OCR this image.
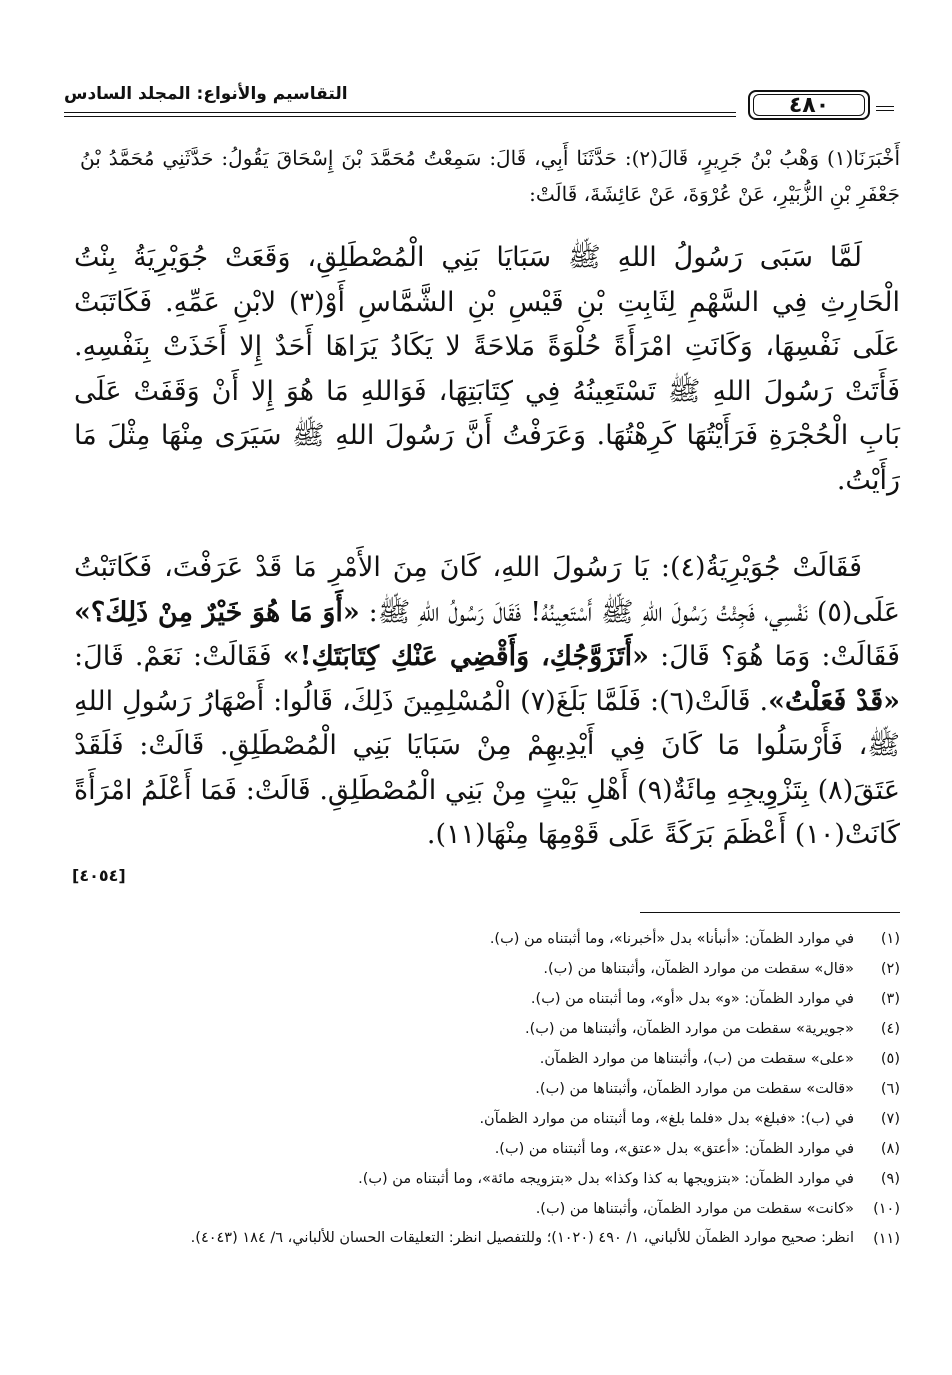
التقاسيم والأنواع: المجلد السادس	٤٨٠
أَخْبَرَنَا(١) وَهْبُ بْنُ جَرِيرٍ، قَالَ(٢): حَدَّثَنَا أَبِي، قَالَ: سَمِعْتُ مُحَمَّدَ بْنَ إِسْحَاقَ يَقُولُ: حَدَّثَنِي مُحَمَّدُ بْنُ جَعْفَرِ بْنِ الزُّبَيْرِ، عَنْ عُرْوَةَ، عَنْ عَائِشَةَ، قَالَتْ:
لَمَّا سَبَى رَسُولُ اللهِ ﷺ سَبَايَا بَنِي الْمُصْطَلِقِ، وَقَعَتْ جُوَيْرِيَةُ بِنْتُ الْحَارِثِ فِي السَّهْمِ لِثَابِتِ بْنِ قَيْسِ بْنِ الشَّمَّاسِ أَوْ(٣) لابْنِ عَمِّهِ. فَكَاتَبَتْ عَلَى نَفْسِهَا، وَكَانَتِ امْرَأَةً حُلْوَةً مَلاحَةً لا يَكَادُ يَرَاهَا أَحَدٌ إِلا أَخَذَتْ بِنَفْسِهِ. فَأَتَتْ رَسُولَ اللهِ ﷺ تَسْتَعِينُهُ فِي كِتَابَتِهَا، فَوَاللهِ مَا هُوَ إِلا أَنْ وَقَفَتْ عَلَى بَابِ الْحُجْرَةِ فَرَأَيْتُهَا كَرِهْتُهَا. وَعَرَفْتُ أَنَّ رَسُولَ اللهِ ﷺ سَيَرَى مِنْهَا مِثْلَ مَا رَأَيْتُ.
فَقَالَتْ جُوَيْرِيَةُ(٤): يَا رَسُولَ اللهِ، كَانَ مِنَ الأَمْرِ مَا قَدْ عَرَفْتَ، فَكَاتَبْتُ عَلَى(٥) نَفْسِي، فَجِئْتُ رَسُولَ اللهِ ﷺ أَسْتَعِينُهُ! فَقَالَ رَسُولُ اللهِ ﷺ: «أَوَ مَا هُوَ خَيْرٌ مِنْ ذَلِكَ؟» فَقَالَتْ: وَمَا هُوَ؟ قَالَ: «أَتَزَوَّجُكِ، وَأَقْضِي عَنْكِ كِتَابَتَكِ!» فَقَالَتْ: نَعَمْ. قَالَ: «قَدْ فَعَلْتُ». قَالَتْ(٦): فَلَمَّا بَلَغَ(٧) الْمُسْلِمِينَ ذَلِكَ، قَالُوا: أَصْهَارُ رَسُولِ اللهِ ﷺ، فَأَرْسَلُوا مَا كَانَ فِي أَيْدِيهِمْ مِنْ سَبَايَا بَنِي الْمُصْطَلِقِ. قَالَتْ: فَلَقَدْ عَتَقَ(٨) بِتَزْوِيجِهِ مِائَةٌ(٩) أَهْلِ بَيْتٍ مِنْ بَنِي الْمُصْطَلِقِ. قَالَتْ: فَمَا أَعْلَمُ امْرَأَةً كَانَتْ(١٠) أَعْظَمَ بَرَكَةً عَلَى قَوْمِهَا مِنْهَا(١١).
[٤٠٥٤]
(١)
في موارد الظمآن: «أنبأنا» بدل «أخبرنا»، وما أثبتناه من (ب).
(٢)
«قال» سقطت من موارد الظمآن، وأثبتناها من (ب).
(٣)
في موارد الظمآن: «و» بدل «أو»، وما أثبتناه من (ب).
(٤)
«جويرية» سقطت من موارد الظمآن، وأثبتناها من (ب).
(٥)
«على» سقطت من (ب)، وأثبتناها من موارد الظمآن.
(٦)
«قالت» سقطت من موارد الظمآن، وأثبتناها من (ب).
(٧)
في (ب): «فبلغ» بدل «فلما بلغ»، وما أثبتناه من موارد الظمآن.
(٨)
في موارد الظمآن: «أعتق» بدل «عتق»، وما أثبتناه من (ب).
(٩)
في موارد الظمآن: «بتزويجها به كذا وكذا» بدل «بتزويجه مائة»، وما أثبتناه من (ب).
(١٠)
«كانت» سقطت من موارد الظمآن، وأثبتناها من (ب).
(١١)
انظر: صحيح موارد الظمآن للألباني، ١/ ٤٩٠ (١٠٢٠)؛ وللتفصيل انظر: التعليقات الحسان للألباني، ٦/ ١٨٤ (٤٠٤٣).
